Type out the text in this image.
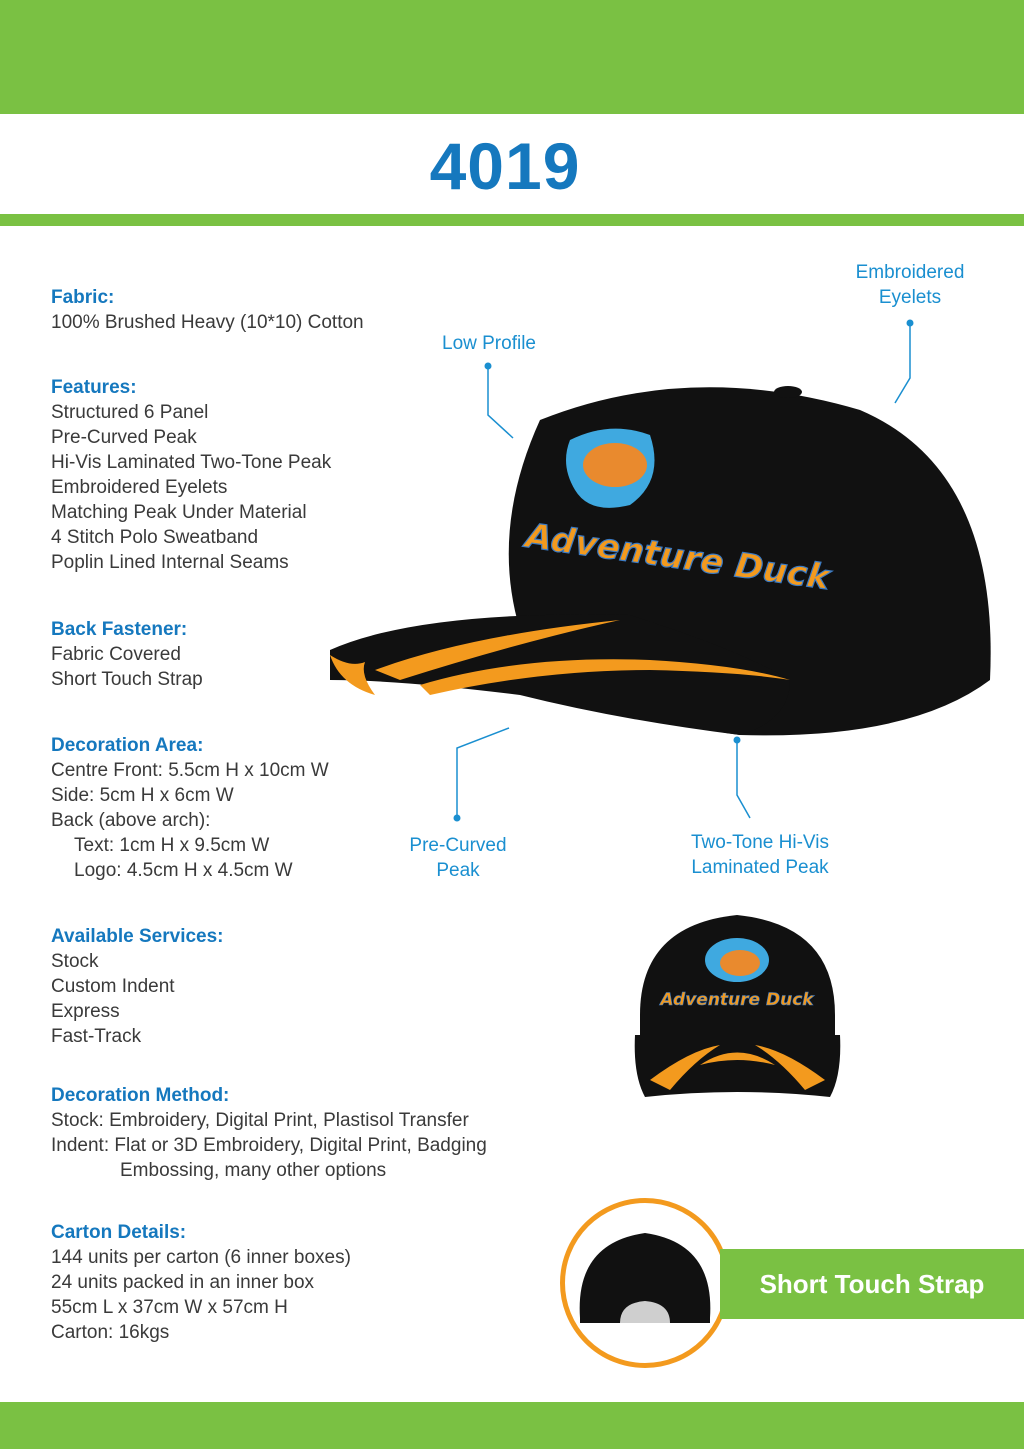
4019
Fabric:

100% Brushed Heavy (10*10) Cotton

Features:

Structured 6 Panel

Pre-Curved Peak

Hi-Vis Laminated Two-Tone Peak

Embroidered Eyelets

Matching Peak Under Material

4 Stitch Polo Sweatband

Poplin Lined Internal Seams

Back Fastener:

Fabric Covered

Short Touch Strap

Decoration Area:

Centre Front: 5.5cm H x 10cm W

Side: 5cm H x 6cm W

Back (above arch):

Text: 1cm H x 9.5cm W

Logo: 4.5cm H x 4.5cm W

Available Services:

Stock

Custom Indent

Express

Fast-Track

Decoration Method:

Stock: Embroidery, Digital Print, Plastisol Transfer

Indent: Flat or 3D Embroidery, Digital Print, Badging

Embossing, many other options

Carton Details:

144 units per carton (6 inner boxes)

24 units packed in an inner box

55cm L x 37cm W x 57cm H

Carton: 16kgs

Adventure Duck
Embroidered
Eyelets
Low Profile
Pre-Curved
Peak
Two-Tone Hi-Vis
Laminated Peak
Adventure Duck
Short Touch Strap
